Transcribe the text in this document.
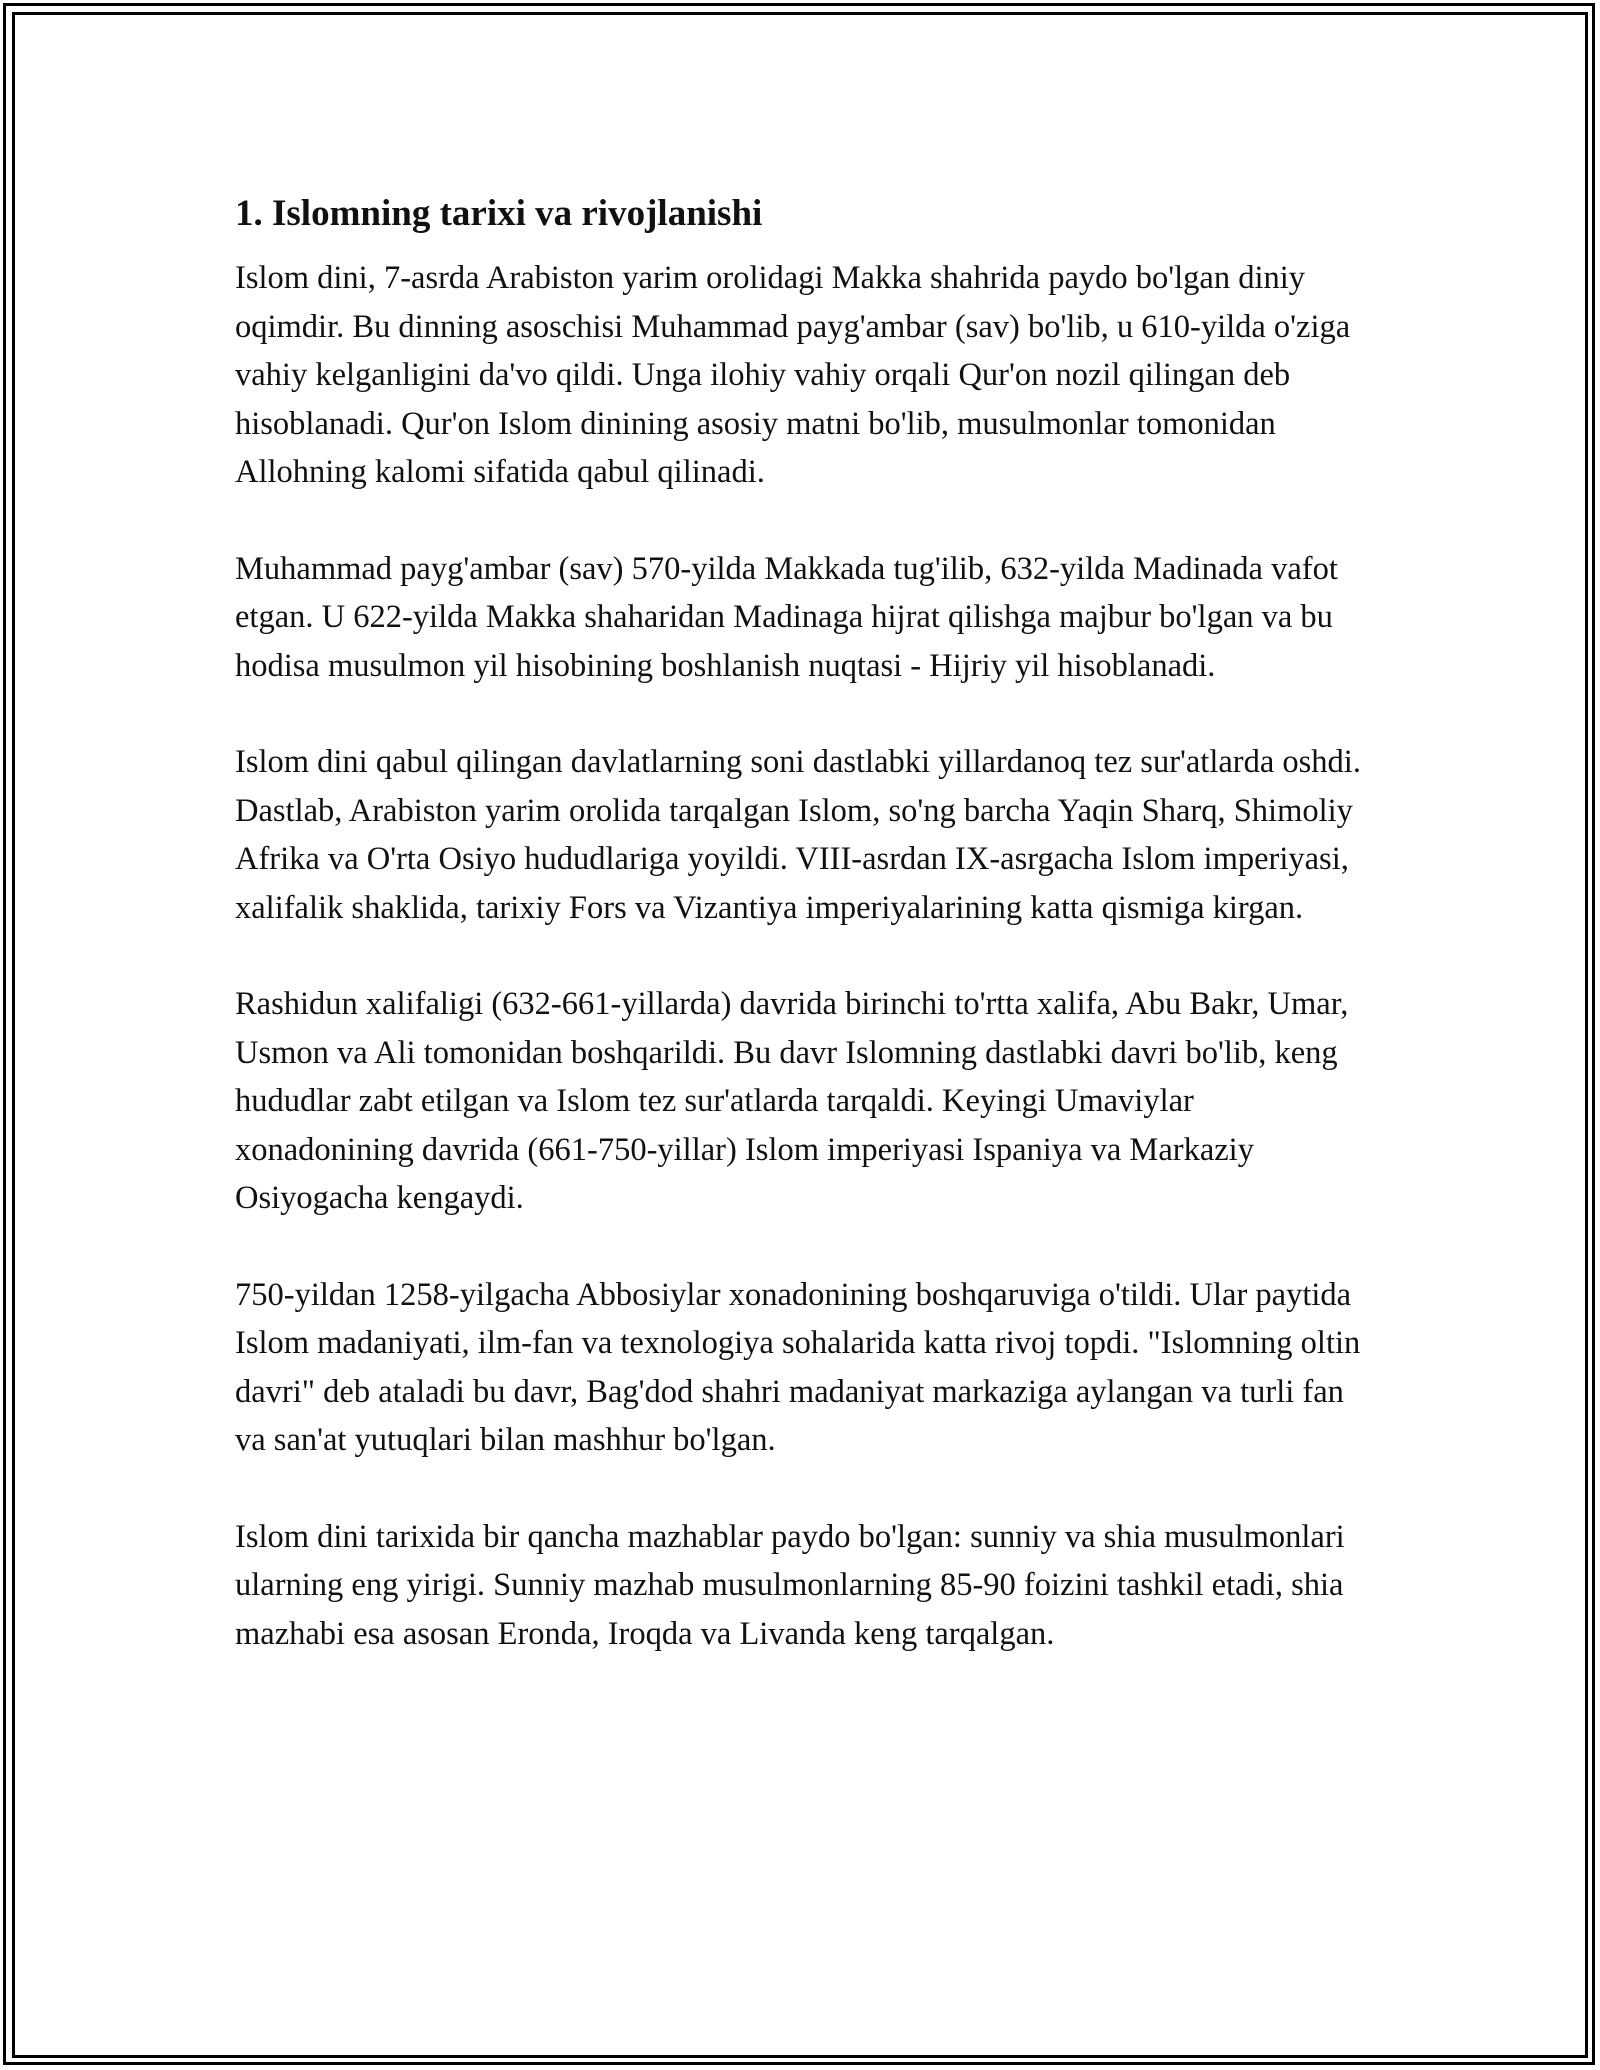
1. Islomning tarixi va rivojlanishi

Islom dini, 7-asrda Arabiston yarim orolidagi Makka shahrida paydo bo'lgan diniy oqimdir. Bu dinning asoschisi Muhammad payg'ambar (sav) bo'lib, u 610-yilda o'ziga vahiy kelganligini da'vo qildi. Unga ilohiy vahiy orqali Qur'on nozil qilingan deb hisoblanadi. Qur'on Islom dinining asosiy matni bo'lib, musulmonlar tomonidan Allohning kalomi sifatida qabul qilinadi.

Muhammad payg'ambar (sav) 570-yilda Makkada tug'ilib, 632-yilda Madinada vafot etgan. U 622-yilda Makka shaharidan Madinaga hijrat qilishga majbur bo'lgan va bu hodisa musulmon yil hisobining boshlanish nuqtasi - Hijriy yil hisoblanadi.

Islom dini qabul qilingan davlatlarning soni dastlabki yillardanoq tez sur'atlarda oshdi. Dastlab, Arabiston yarim orolida tarqalgan Islom, so'ng barcha Yaqin Sharq, Shimoliy Afrika va O'rta Osiyo hududlariga yoyildi. VIII-asrdan IX-asrgacha Islom imperiyasi, xalifalik shaklida, tarixiy Fors va Vizantiya imperiyalarining katta qismiga kirgan.

Rashidun xalifaligi (632-661-yillarda) davrida birinchi to'rtta xalifa, Abu Bakr, Umar, Usmon va Ali tomonidan boshqarildi. Bu davr Islomning dastlabki davri bo'lib, keng hududlar zabt etilgan va Islom tez sur'atlarda tarqaldi. Keyingi Umaviylar xonadonining davrida (661-750-yillar) Islom imperiyasi Ispaniya va Markaziy Osiyogacha kengaydi.

750-yildan 1258-yilgacha Abbosiylar xonadonining boshqaruviga o'tildi. Ular paytida Islom madaniyati, ilm-fan va texnologiya sohalarida katta rivoj topdi. "Islomning oltin davri" deb ataladi bu davr, Bag'dod shahri madaniyat markaziga aylangan va turli fan va san'at yutuqlari bilan mashhur bo'lgan.

Islom dini tarixida bir qancha mazhablar paydo bo'lgan: sunniy va shia musulmonlari ularning eng yirigi. Sunniy mazhab musulmonlarning 85-90 foizini tashkil etadi, shia mazhabi esa asosan Eronda, Iroqda va Livanda keng tarqalgan.
